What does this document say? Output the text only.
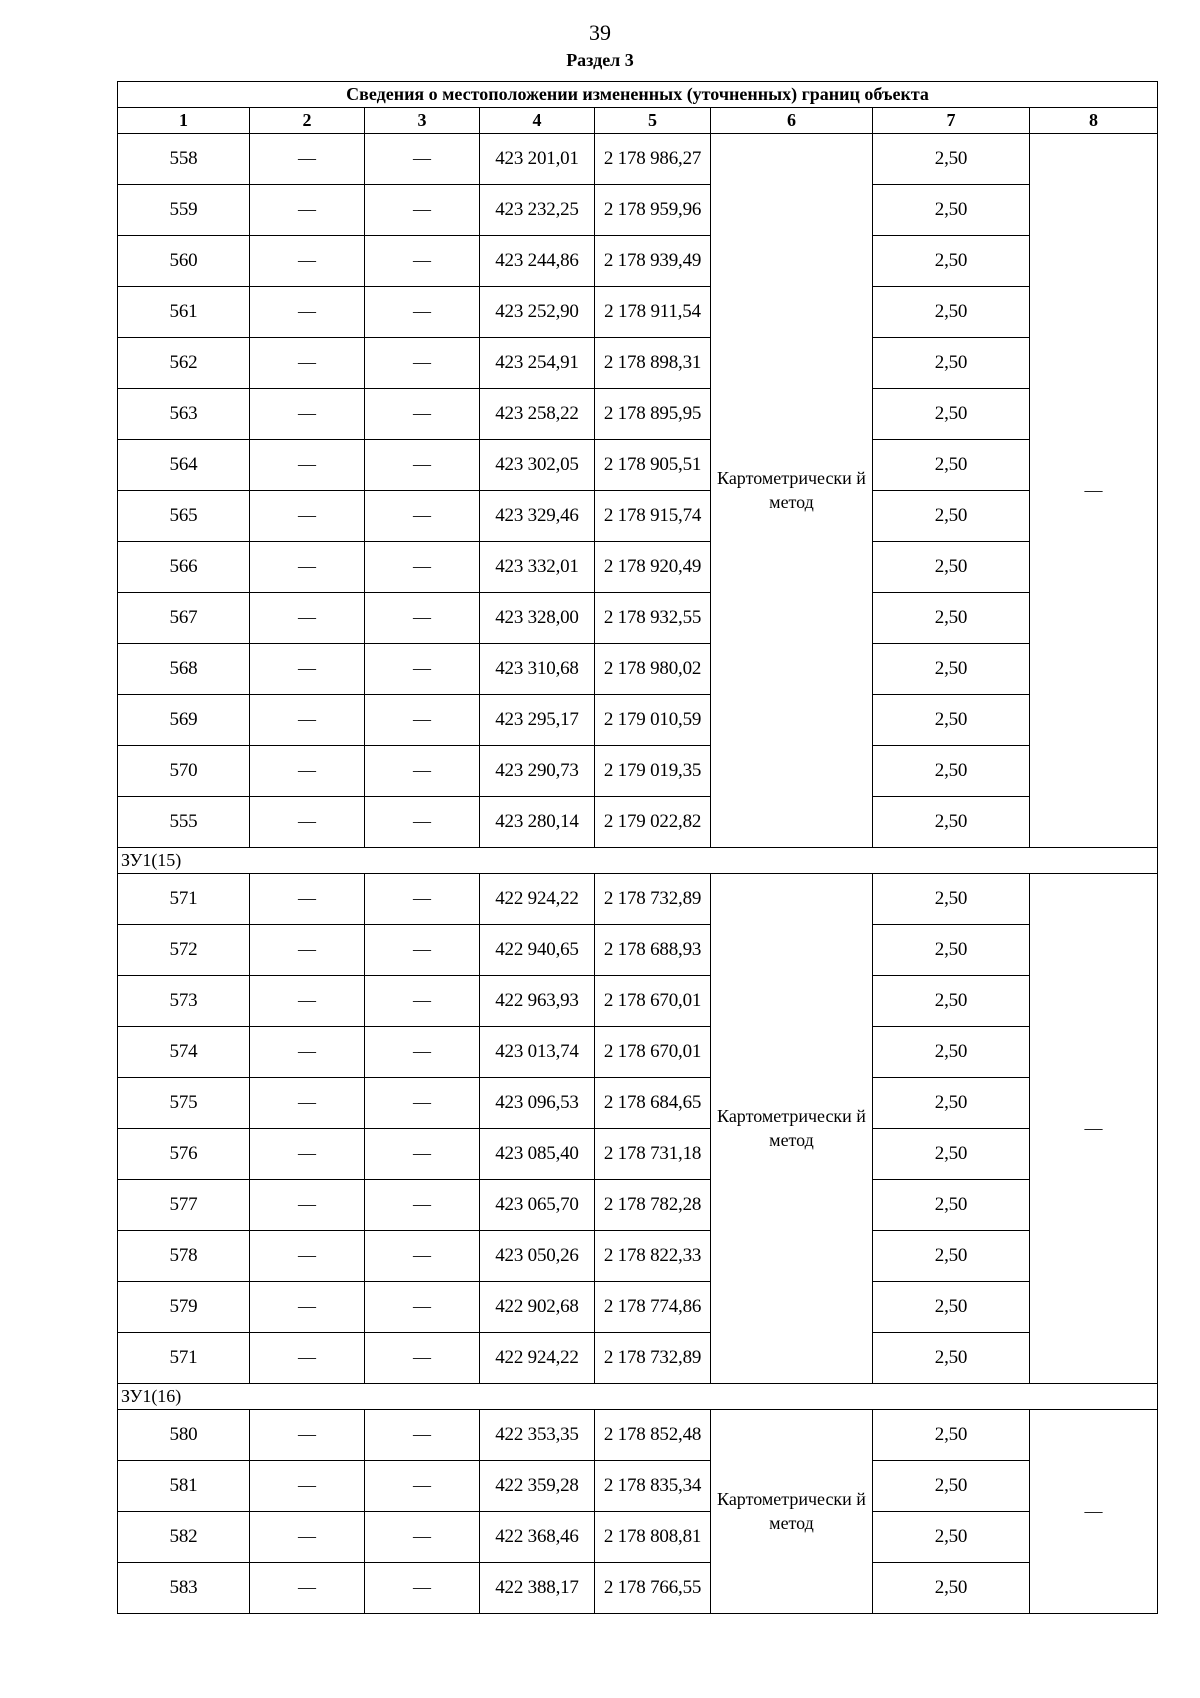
39
Раздел 3
Сведения о местоположении измененных (уточненных) границ объекта							
1	2	3	4	5	6	7	8
558	—	—	423 201,01	2 178 986,27	Картометрически й метод	2,50	—
559	—	—	423 232,25	2 178 959,96		2,50	
560	—	—	423 244,86	2 178 939,49		2,50	
561	—	—	423 252,90	2 178 911,54		2,50	
562	—	—	423 254,91	2 178 898,31		2,50	
563	—	—	423 258,22	2 178 895,95		2,50	
564	—	—	423 302,05	2 178 905,51		2,50	
565	—	—	423 329,46	2 178 915,74		2,50	
566	—	—	423 332,01	2 178 920,49		2,50	
567	—	—	423 328,00	2 178 932,55		2,50	
568	—	—	423 310,68	2 178 980,02		2,50	
569	—	—	423 295,17	2 179 010,59		2,50	
570	—	—	423 290,73	2 179 019,35		2,50	
555	—	—	423 280,14	2 179 022,82		2,50	
ЗУ1(15)							
571	—	—	422 924,22	2 178 732,89	Картометрически й метод	2,50	—
572	—	—	422 940,65	2 178 688,93		2,50	
573	—	—	422 963,93	2 178 670,01		2,50	
574	—	—	423 013,74	2 178 670,01		2,50	
575	—	—	423 096,53	2 178 684,65		2,50	
576	—	—	423 085,40	2 178 731,18		2,50	
577	—	—	423 065,70	2 178 782,28		2,50	
578	—	—	423 050,26	2 178 822,33		2,50	
579	—	—	422 902,68	2 178 774,86		2,50	
571	—	—	422 924,22	2 178 732,89		2,50	
ЗУ1(16)							
580	—	—	422 353,35	2 178 852,48	Картометрически й метод	2,50	—
581	—	—	422 359,28	2 178 835,34		2,50	
582	—	—	422 368,46	2 178 808,81		2,50	
583	—	—	422 388,17	2 178 766,55		2,50	
